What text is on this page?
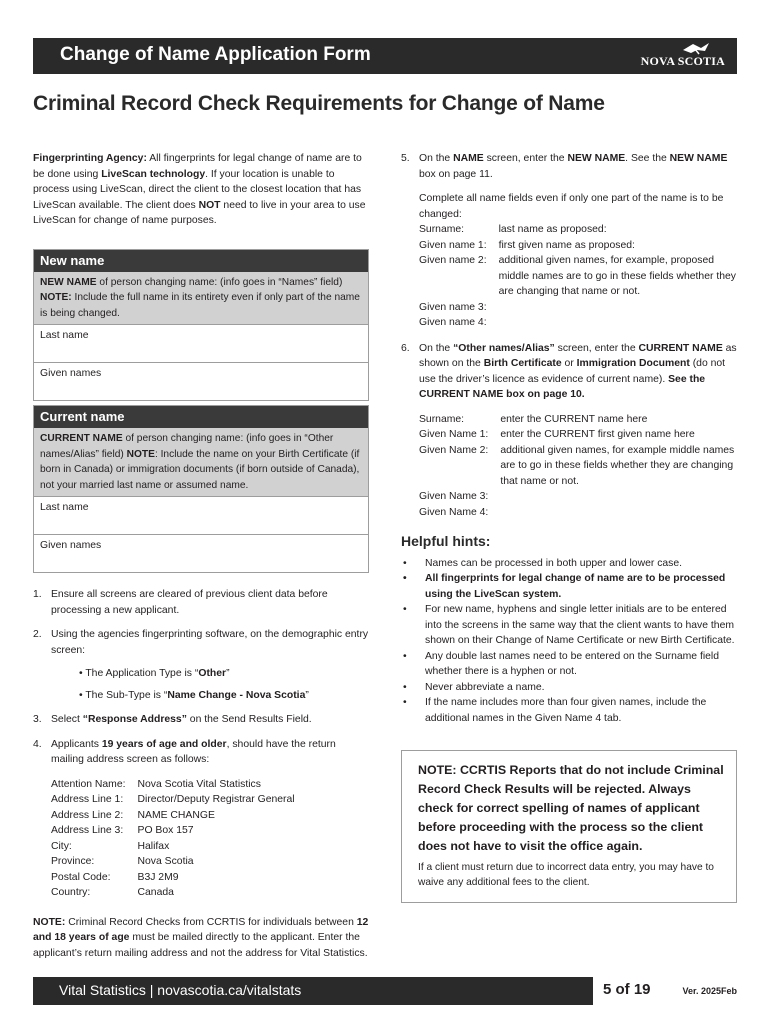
Change of Name Application Form	NOVA SCOTIA
Criminal Record Check Requirements for Change of Name

Fingerprinting Agency: All fingerprints for legal change of name are to be done using LiveScan technology. If your location is unable to process using LiveScan, direct the client to the closest location that has LiveScan available. The client does NOT need to live in your area to use LiveScan for change of name purposes.

New name
NEW NAME of person changing name: (info goes in “Names” field)
NOTE: Include the full name in its entirety even if only part of the name is being changed.
Last name
Given names
Current name
CURRENT NAME of person changing name: (info goes in “Other names/Alias” field) NOTE: Include the name on your Birth Certificate (if born in Canada) or immigration documents (if born outside of Canada), not your married last name or assumed name.
Last name
Given names
1. Ensure all screens are cleared of previous client data before processing a new applicant.
2. Using the agencies fingerprinting software, on the demographic entry screen:
• The Application Type is “Other”
• The Sub-Type is “Name Change - Nova Scotia”
3. Select “Response Address” on the Send Results Field.
4. Applicants 19 years of age and older, should have the return mailing address screen as follows:
Attention Name:	Nova Scotia Vital Statistics
Address Line 1:	Director/Deputy Registrar General
Address Line 2:	NAME CHANGE
Address Line 3:	PO Box 157
City:	Halifax
Province:	Nova Scotia
Postal Code:	B3J 2M9
Country:	Canada

NOTE: Criminal Record Checks from CCRTIS for individuals between 12 and 18 years of age must be mailed directly to the applicant. Enter the applicant’s return mailing address and not the address for Vital Statistics.

5. On the NAME screen, enter the NEW NAME. See the NEW NAME box on page 11.

Complete all name fields even if only one part of the name is to be changed:

Surname:	last name as proposed:
Given name 1:	first given name as proposed:
Given name 2:	additional given names, for example, proposed middle names are to go in these fields whether they are changing that name or not.
Given name 3:	
Given name 4:	
6. On the “Other names/Alias” screen, enter the CURRENT NAME as shown on the Birth Certificate or Immigration Document (do not use the driver’s licence as evidence of current name). See the CURRENT NAME box on page 10.
Surname:	enter the CURRENT name here
Given Name 1:	enter the CURRENT first given name here
Given Name 2:	additional given names, for example middle names are to go in these fields whether they are changing that name or not.
Given Name 3:	
Given Name 4:	
Helpful hints:
• Names can be processed in both upper and lower case.
• All fingerprints for legal change of name are to be processed using the LiveScan system.
• For new name, hyphens and single letter initials are to be entered into the screens in the same way that the client wants to have them shown on their Change of Name Certificate or new Birth Certificate.
• Any double last names need to be entered on the Surname field whether there is a hyphen or not.
• Never abbreviate a name.
• If the name includes more than four given names, include the additional names in the Given Name 4 tab.
NOTE: CCRTIS Reports that do not include Criminal Record Check Results will be rejected. Always check for correct spelling of names of applicant before proceeding with the process so the client does not have to visit the office again.
If a client must return due to incorrect data entry, you may have to waive any additional fees to the client.
Vital Statistics | novascotia.ca/vitalstats	5 of 19	Ver. 2025Feb
